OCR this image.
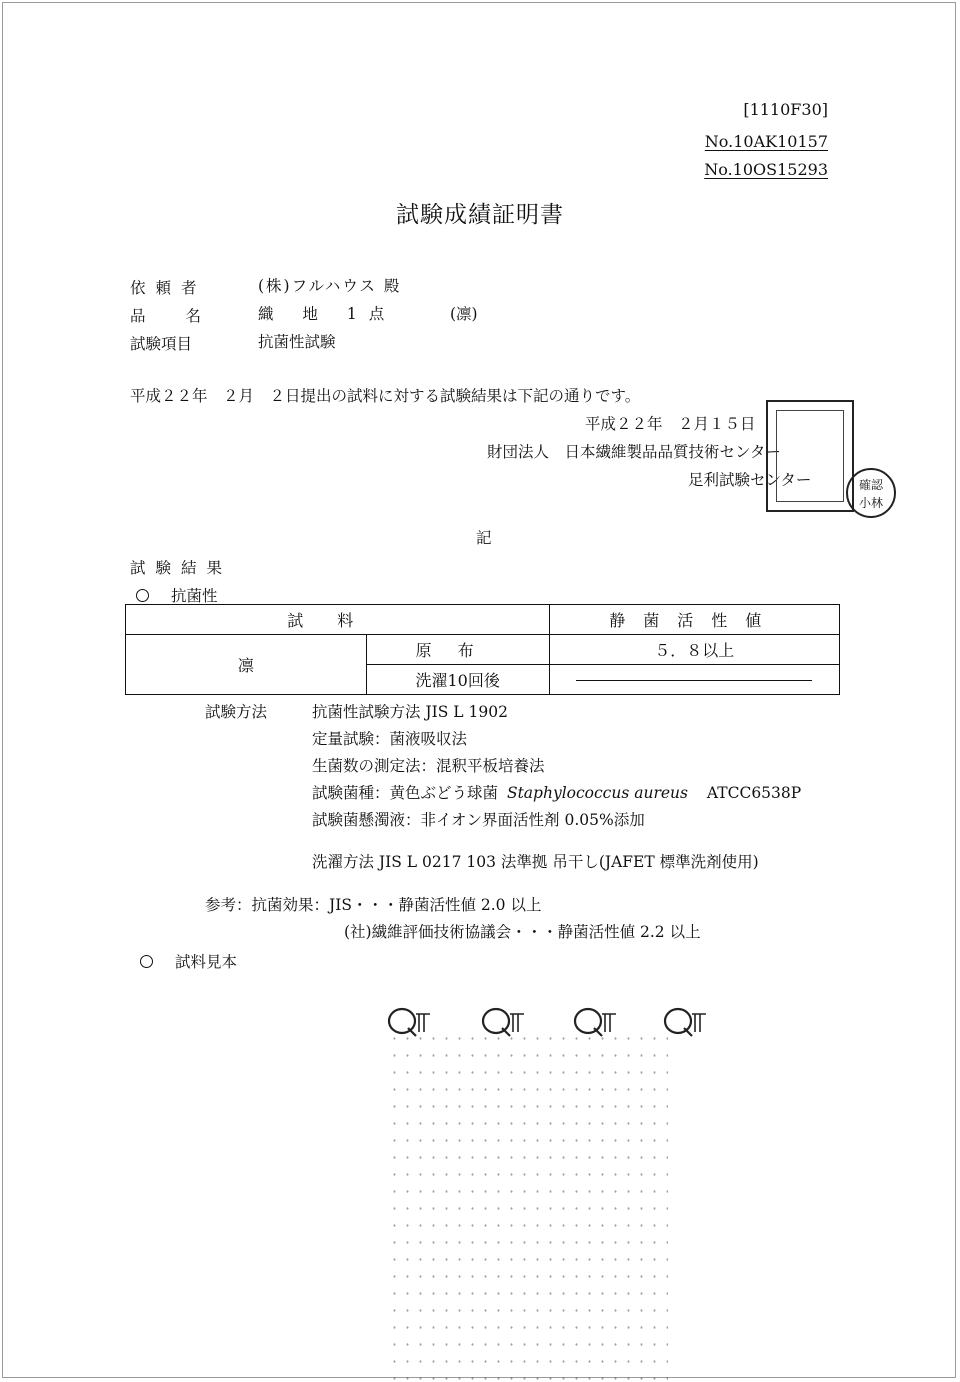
[1110F30]
No.10AK10157
No.10OS15293
試験成績証明書
依頼者	(株)フルハウス 殿
品名 織 地 1点	(凛)
試験項目	抗菌性試験
平成２２年　２月　２日提出の試料に対する試験結果は下記の通りです。
平成２２年　２月１５日
財団法人　日本繊維製品品質技術センター
足利試験センター	確認
小林
記
試験結果
抗菌性
試料		静菌活性値
凛	原布	５．８以上
	洗濯10回後	
試験方法	抗菌性試験方法 JIS L 1902
定量試験：菌液吸収法
生菌数の測定法：混釈平板培養法
試験菌種：黄色ぶどう球菌 Staphylococcus aureus ATCC6538P
試験菌懸濁液：非イオン界面活性剤 0.05%添加
洗濯方法 JIS L 0217 103 法準拠 吊干し(JAFET 標準洗剤使用)
参考：抗菌効果：JIS・・・静菌活性値 2.0 以上
(社)繊維評価技術協議会・・・静菌活性値 2.2 以上
試料見本
